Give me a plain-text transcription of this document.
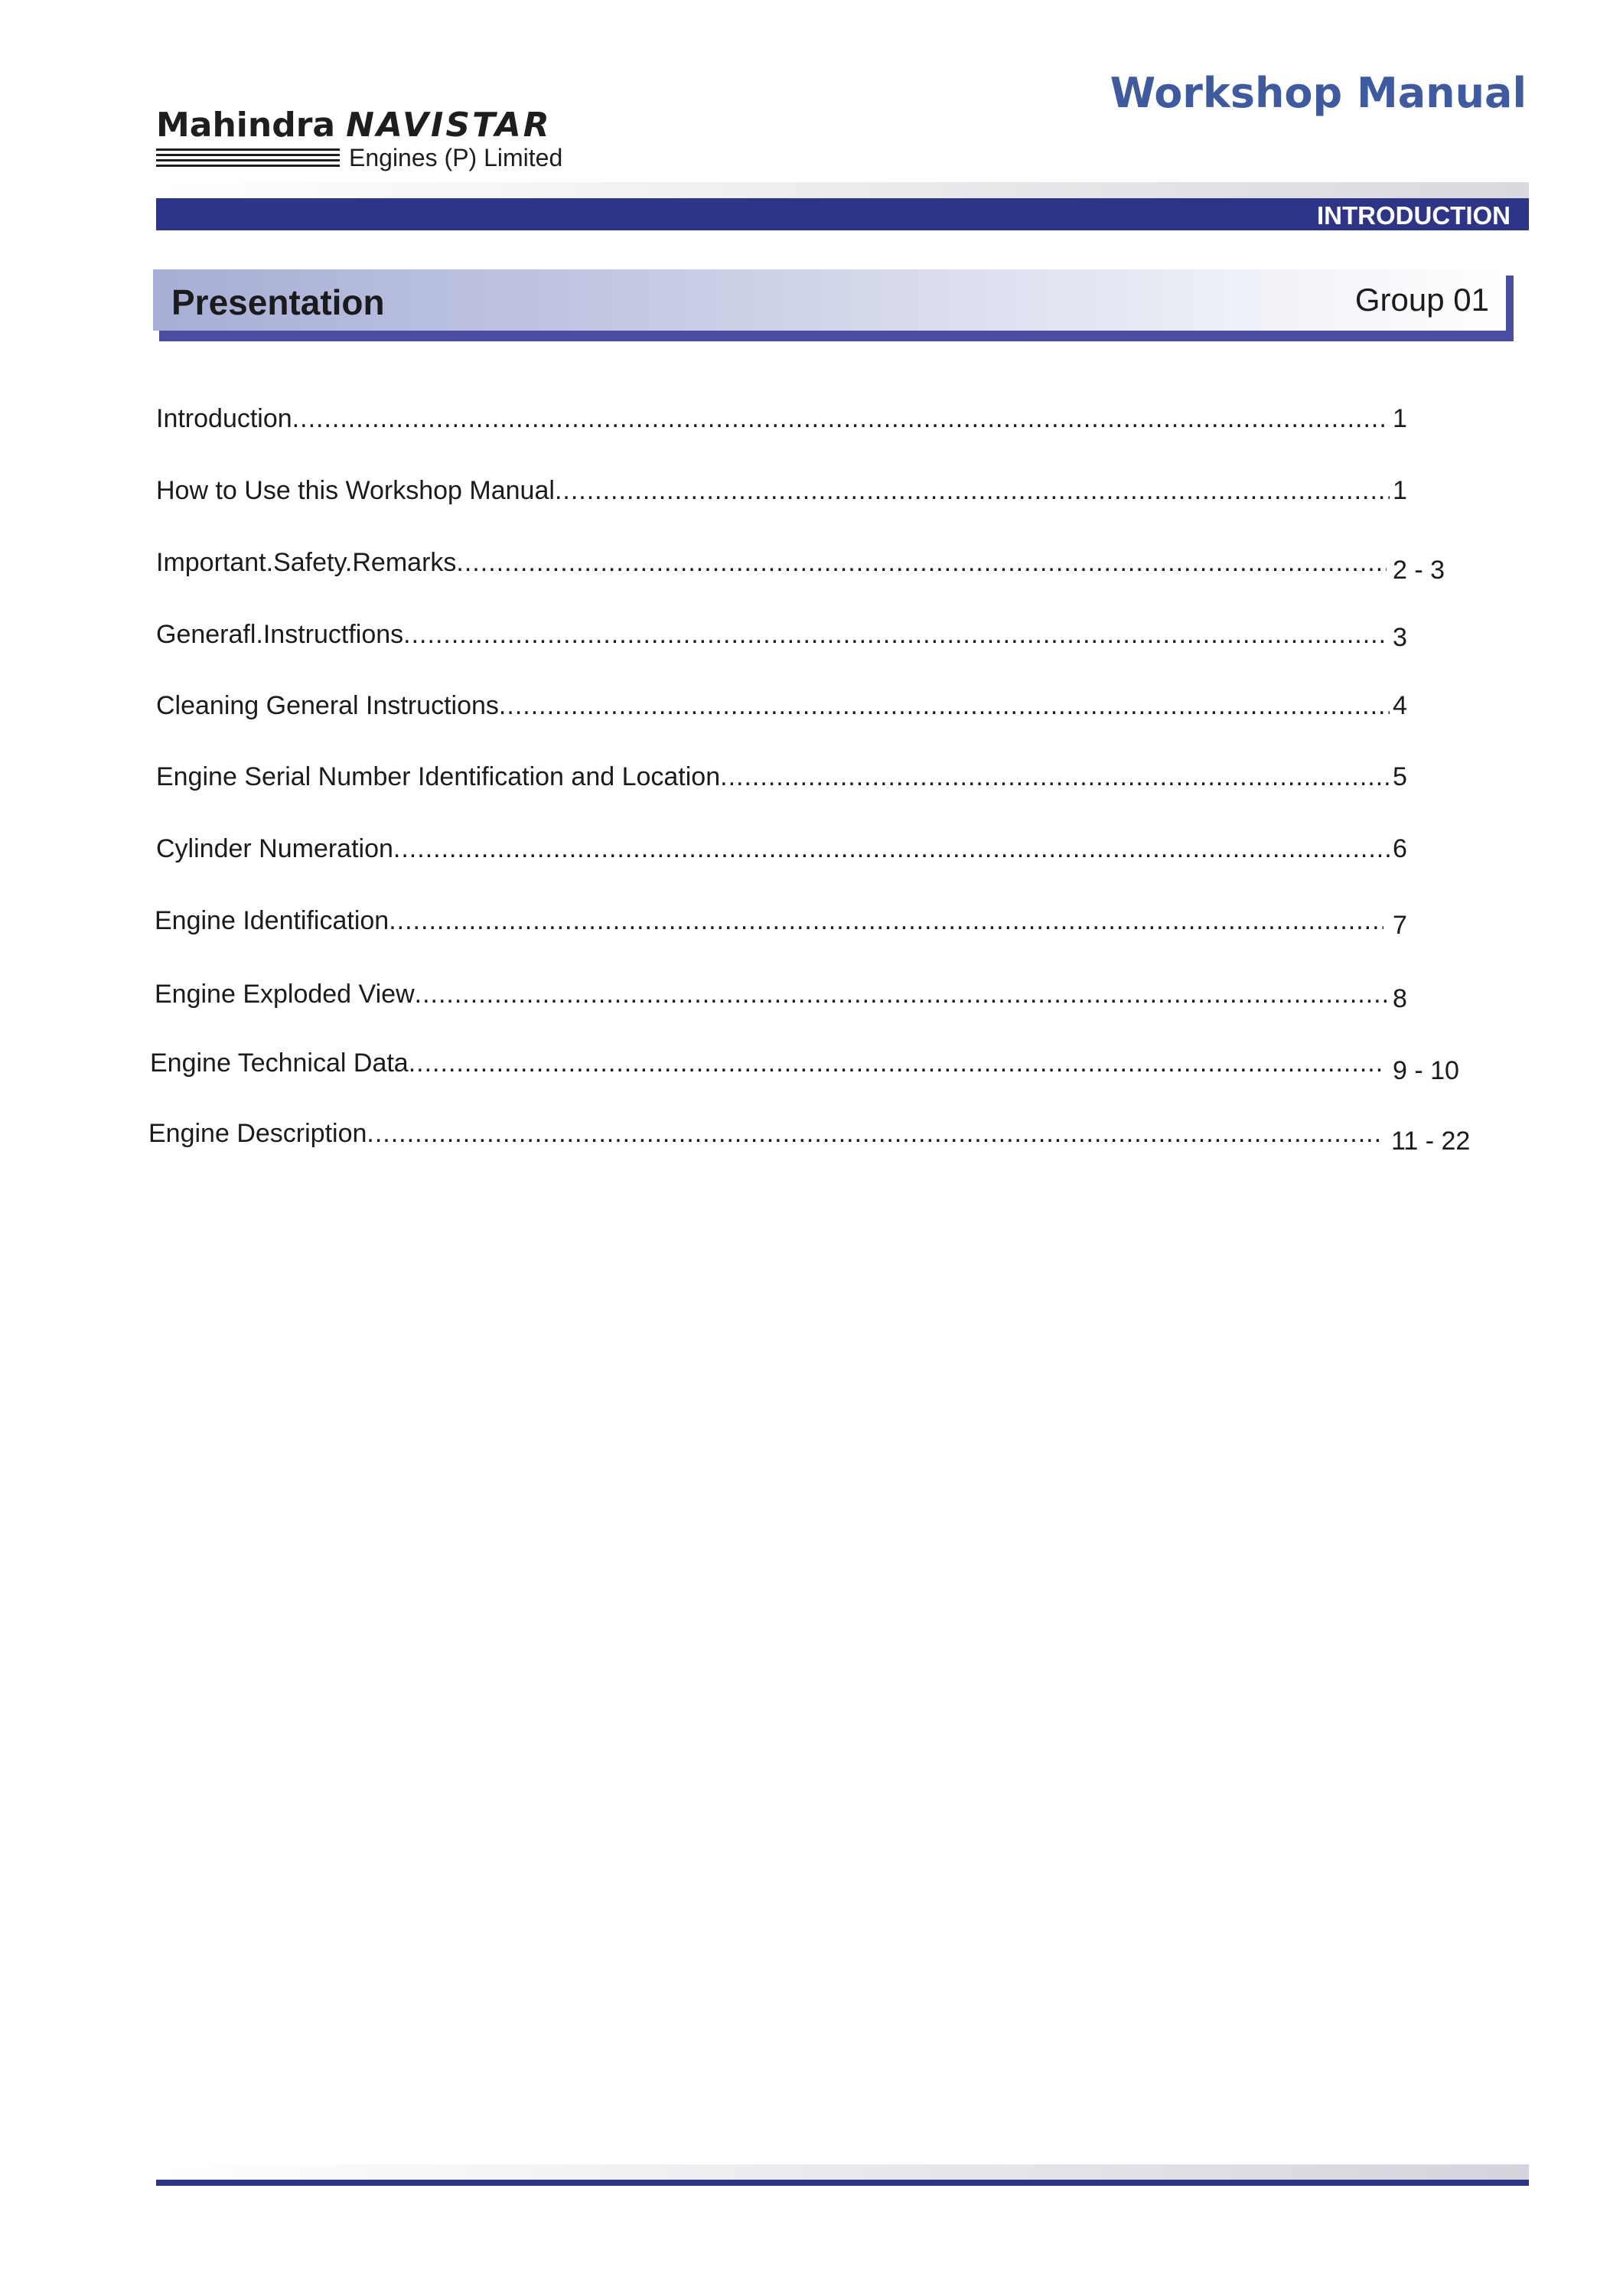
Workshop Manual
Mahindra NAVISTAR
Engines (P) Limited
INTRODUCTION
Presentation	Group 01
Introduction .....	1
How to Use this Workshop Manual .....	1
Important.Safety.Remarks .....	2 - 3
Generafl.Instructfions .....	3
Cleaning General Instructions .....	4
Engine Serial Number Identification and Location .....	5
Cylinder Numeration .....	6
Engine Identification .....	7
Engine Exploded View .....	8
Engine Technical Data .....	9 - 10
Engine Description .....	11 - 22
